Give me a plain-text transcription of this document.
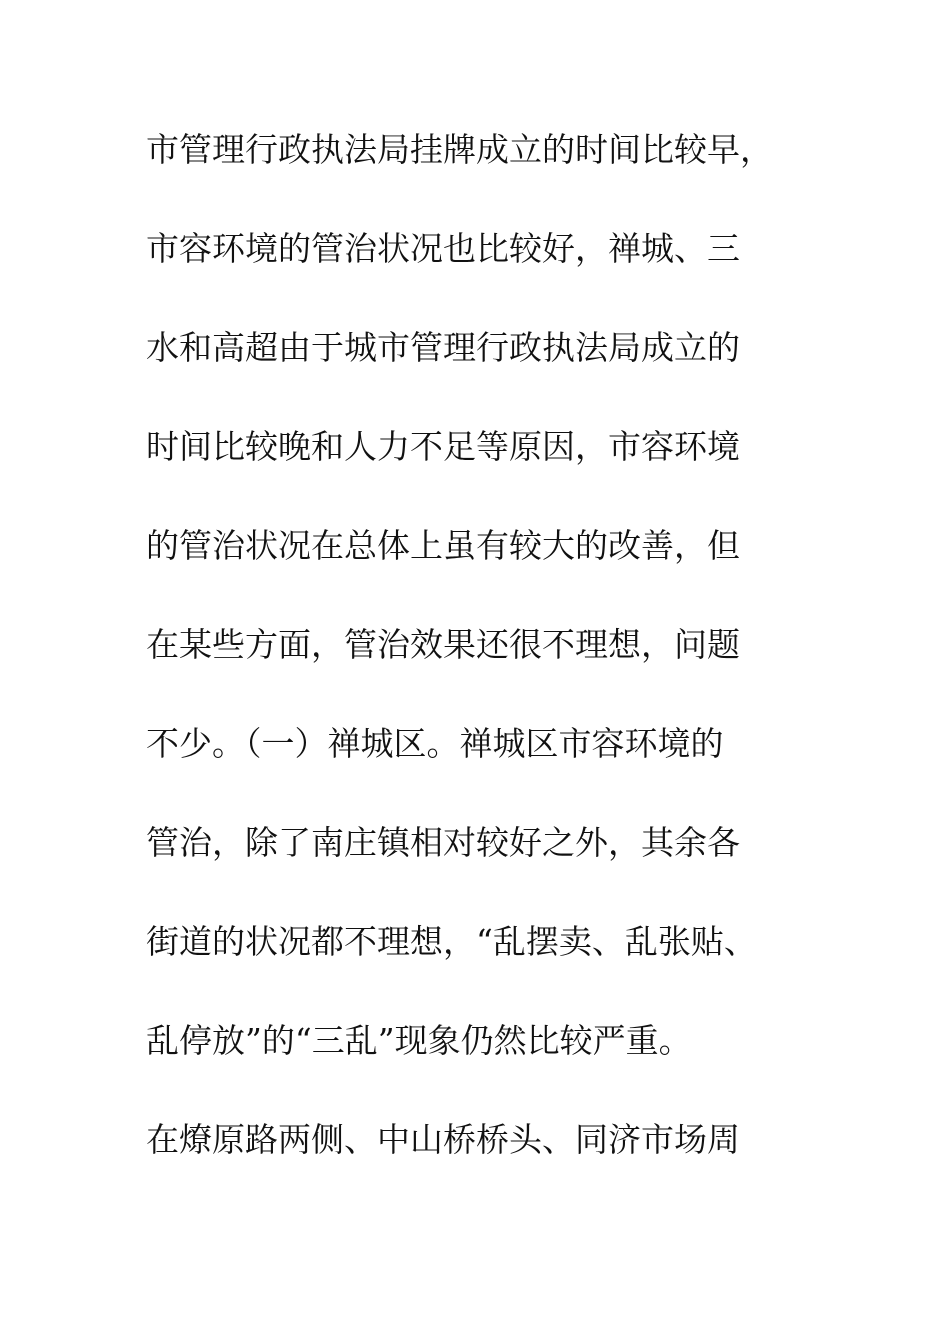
市管理行政执法局挂牌成立的时间比较早，
市容环境的管治状况也比较好，禅城、三
水和高超由于城市管理行政执法局成立的
时间比较晚和人力不足等原因，市容环境
的管治状况在总体上虽有较大的改善，但
在某些方面，管治效果还很不理想，问题
不少。（一）禅城区。禅城区市容环境的
管治，除了南庄镇相对较好之外，其余各
街道的状况都不理想，“乱摆卖、乱张贴、
乱停放”的“三乱”现象仍然比较严重。
在燎原路两侧、中山桥桥头、同济市场周
